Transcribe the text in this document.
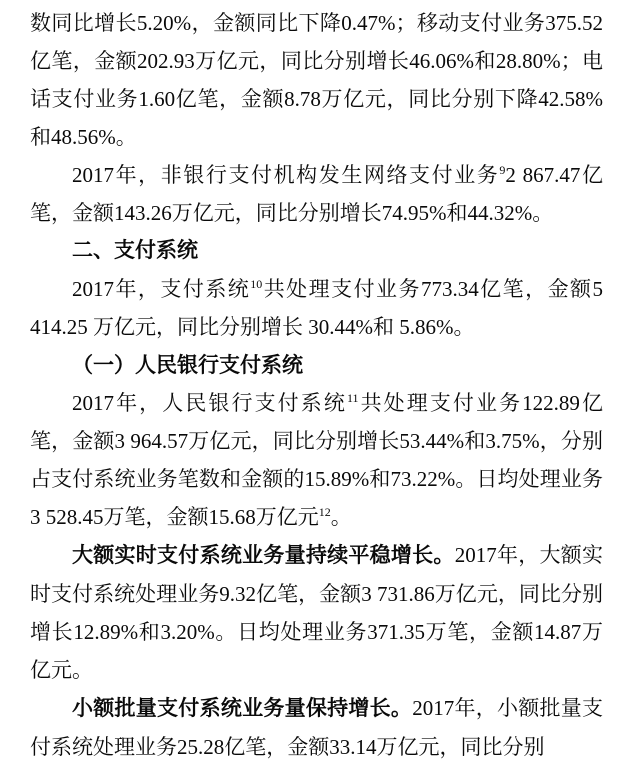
数同比增长5.20%，金额同比下降0.47%；移动支付业务375.52亿笔，金额202.93万亿元，同比分别增长46.06%和28.80%；电话支付业务1.60亿笔，金额8.78万亿元，同比分别下降42.58%和48.56%。

2017年，非银行支付机构发生网络支付业务$^9$2 867.47亿笔，金额143.26万亿元，同比分别增长74.95%和44.32%。

二、支付系统

2017年，支付系统$^{10}$共处理支付业务773.34亿笔，金额5 414.25 万亿元，同比分别增长 30.44%和 5.86%。

（一）人民银行支付系统

2017年，人民银行支付系统$^{11}$共处理支付业务122.89亿笔，金额3 964.57万亿元，同比分别增长53.44%和3.75%，分别占支付系统业务笔数和金额的15.89%和73.22%。日均处理业务3 528.45万笔，金额15.68万亿元$^{12}$。

大额实时支付系统业务量持续平稳增长。2017年，大额实时支付系统处理业务9.32亿笔，金额3 731.86万亿元，同比分别增长12.89%和3.20%。日均处理业务371.35万笔，金额14.87万亿元。

小额批量支付系统业务量保持增长。2017年，小额批量支付系统处理业务25.28亿笔，金额33.14万亿元，同比分别
